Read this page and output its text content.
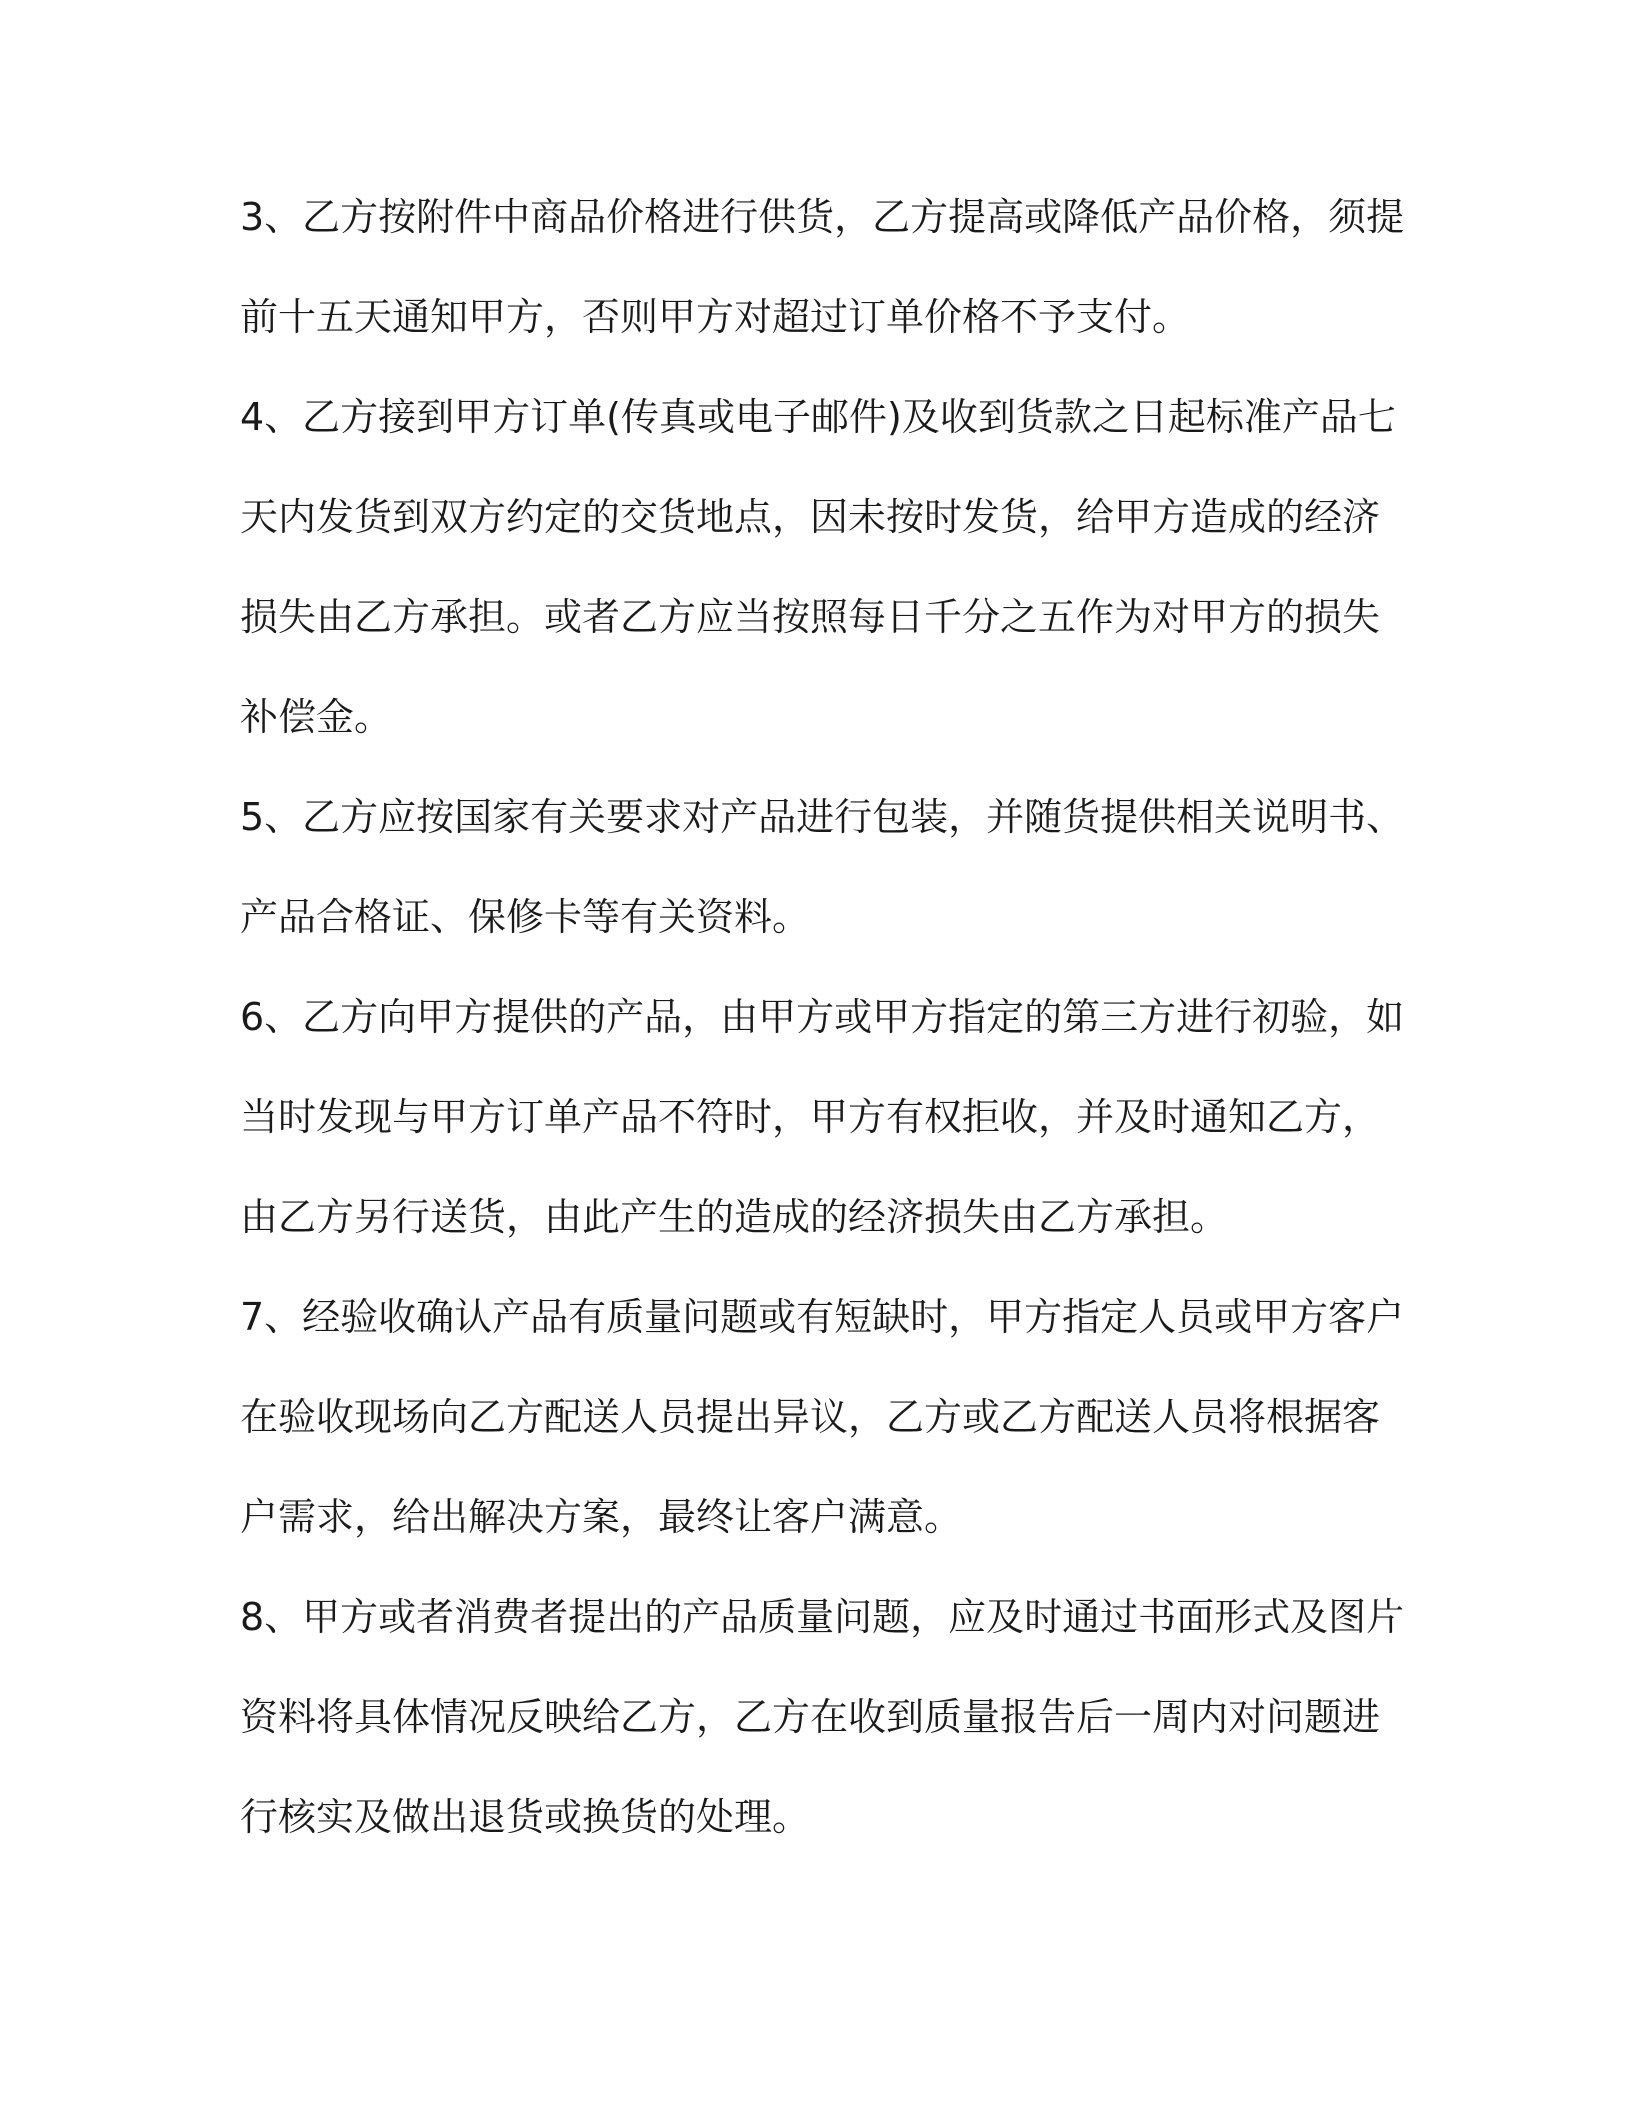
3、乙方按附件中商品价格进行供货，乙方提高或降低产品价格，须提
前十五天通知甲方，否则甲方对超过订单价格不予支付。
4、乙方接到甲方订单(传真或电子邮件)及收到货款之日起标准产品七
天内发货到双方约定的交货地点，因未按时发货，给甲方造成的经济
损失由乙方承担。或者乙方应当按照每日千分之五作为对甲方的损失
补偿金。
5、乙方应按国家有关要求对产品进行包装，并随货提供相关说明书、
产品合格证、保修卡等有关资料。
6、乙方向甲方提供的产品，由甲方或甲方指定的第三方进行初验，如
当时发现与甲方订单产品不符时，甲方有权拒收，并及时通知乙方，
由乙方另行送货，由此产生的造成的经济损失由乙方承担。
7、经验收确认产品有质量问题或有短缺时，甲方指定人员或甲方客户
在验收现场向乙方配送人员提出异议，乙方或乙方配送人员将根据客
户需求，给出解决方案，最终让客户满意。
8、甲方或者消费者提出的产品质量问题，应及时通过书面形式及图片
资料将具体情况反映给乙方，乙方在收到质量报告后一周内对问题进
行核实及做出退货或换货的处理。
